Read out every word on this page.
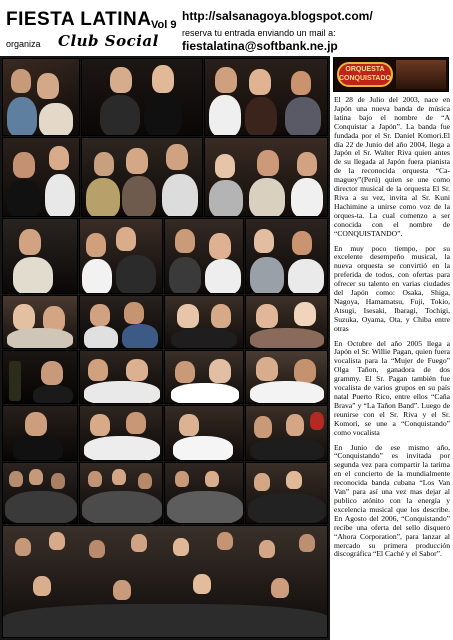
FIESTA LATINA Vol 9
organiza Club Social
http://salsanagoya.blogspot.com/
reserva tu entrada enviando un mail a:
fiestalatina@softbank.ne.jp
ORQUESTA
CONQUISTADO

El 28 de Julio del 2003, nace en Japón una nueva banda de música latina bajo el nombre de “A Conquistar a Japón”. La banda fue fundada por el Sr. Daniel Komori.El día 22 de Junio del año 2004, llega a Japón el Sr. Walter Riva quien antes de su llegada al Japón fuera pianista de la reconocida orquesta “Ca-maguey”(Perú) quien se une como director musical de la orquesta El Sr. Riva a su vez, invita al Sr. Kuni Hachimine a unirse como voz de la orques-ta. La cual comenzo a ser conocida con el nombre de “CONQUISTANDO”.

En muy poco tiempo, por su excelente desempeño musical, la nueva orquesta se convirtió en la preferida de todos, con ofertas para ofrecer su talento en varias ciudades del Japón como: Osaka, Shiga, Nagoya, Hamamatsu, Fuji, Tokio, Atsugi, Isesaki, Ibaragi, Tochigi, Suzuka, Oyama, Ota, y Chiba entre otras

En Octubre del año 2005 llega a Japón el Sr. Willie Pagan, quien fuera vocalista para la “Mujer de Fuego” Olga Tañon, ganadora de dos grammy. El Sr. Pagan también fue vocalista de varios grupos en su país natal Puerto Rico, entre ellos “Caña Brava” y “La Tañon Band”. Luego de reunirse con el Sr. Riva y el Sr. Komori, se une a “Conquistando” como vocalista

En Junio de ese mismo año, “Conquistando” es invitada por segunda vez para compartir la tarima en el concierto de la mundialmente reconocida banda cubana “Los Van Van” para así una vez mas dejar al publico atónito con la energía y excelencia musical que los describe. En Agosto del 2006, “Conquistando” recibe una oferta del sello disquero “Ahora Corporation”, para lanzar al mercado su primera producción discográfica “El Caché y el Sabor”.
